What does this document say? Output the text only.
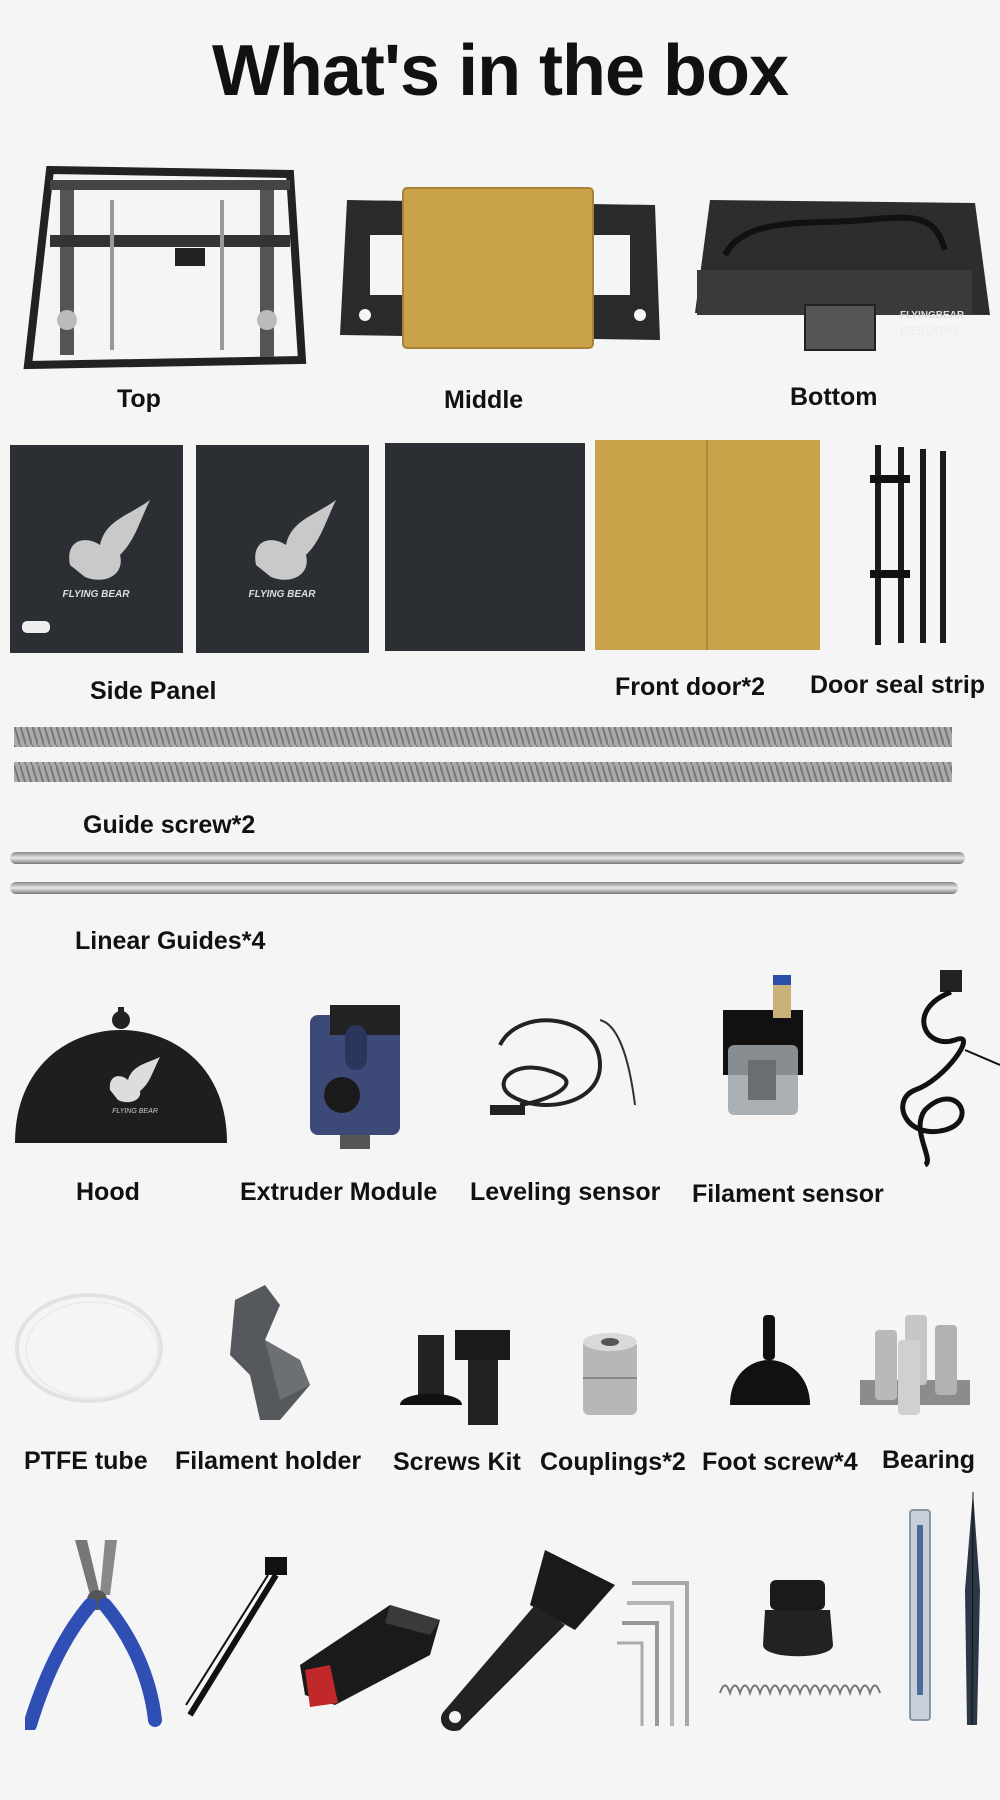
What's in the box
FLYINGBEAR
REBORN3
Top	Middle	Bottom
FLYING BEAR	FLYING BEAR
Side Panel	Front door*2 Door seal strip
Guide screw*2
Linear Guides*4
FLYING BEAR
Hood	Extruder Module Leveling sensor Filament sensor
PTFE tube Filament holder Screws Kit Couplings*2 Foot screw*4 Bearing
